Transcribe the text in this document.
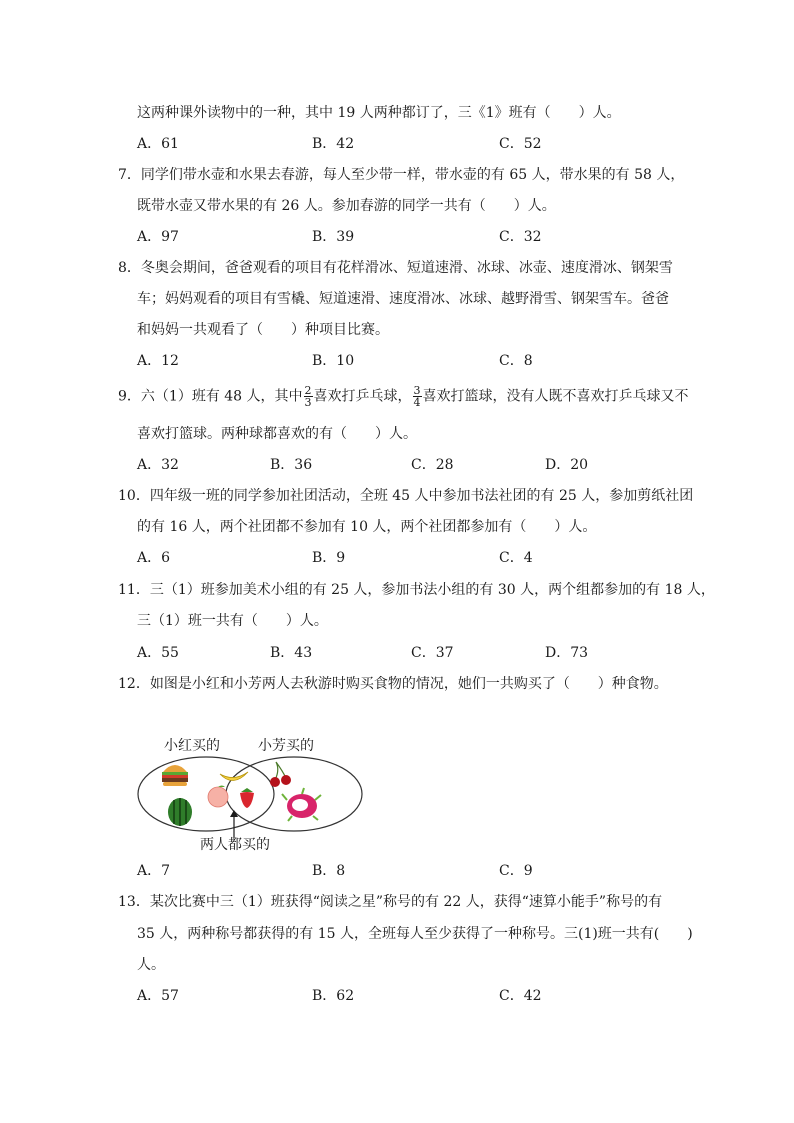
这两种课外读物中的一种，其中 19 人两种都订了，三《1》班有（　　）人。
A．61	B．42	C．52
7．同学们带水壶和水果去春游，每人至少带一样，带水壶的有 65 人，带水果的有 58 人，
既带水壶又带水果的有 26 人。参加春游的同学一共有（　　）人。
A．97	B．39	C．32
8．冬奥会期间，爸爸观看的项目有花样滑冰、短道速滑、冰球、冰壶、速度滑冰、钢架雪
车；妈妈观看的项目有雪橇、短道速滑、速度滑冰、冰球、越野滑雪、钢架雪车。爸爸
和妈妈一共观看了（　　）种项目比赛。
A．12	B．10	C．8
9．六（1）班有 48 人，其中 $\frac{2}{3}$ 喜欢打乒乓球， $\frac{3}{4}$ 喜欢打篮球，没有人既不喜欢打乒乓球又不
喜欢打篮球。两种球都喜欢的有（　　）人。
A．32	B．36	C．28	D．20
10．四年级一班的同学参加社团活动，全班 45 人中参加书法社团的有 25 人，参加剪纸社团
的有 16 人，两个社团都不参加有 10 人，两个社团都参加有（　　）人。
A．6	B．9	C．4
11．三（1）班参加美术小组的有 25 人，参加书法小组的有 30 人，两个组都参加的有 18 人，
三（1）班一共有（　　）人。
A．55	B．43	C．37	D．73
12．如图是小红和小芳两人去秋游时购买食物的情况，她们一共购买了（　　）种食物。
小红买的	小芳买的
两人都买的
A．7	B．8	C．9
13．某次比赛中三（1）班获得“阅读之星”称号的有 22 人，获得“速算小能手”称号的有
35 人，两种称号都获得的有 15 人，全班每人至少获得了一种称号。三(1)班一共有(　　)
人。
A．57	B．62	C．42
